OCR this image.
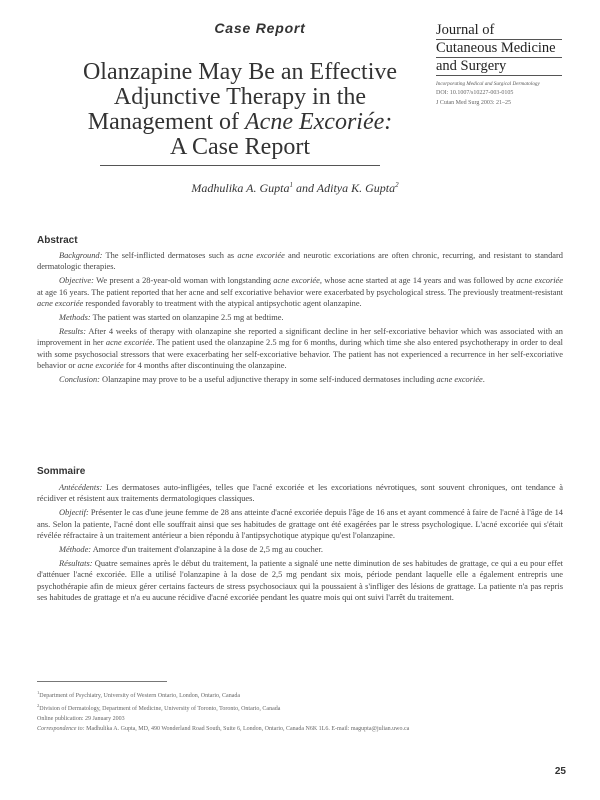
Case Report	Journal of
Cutaneous Medicine
and Surgery
Incorporating Medical and Surgical Dermatology
DOI: 10.1007/s10227-003-0105
J Cutan Med Surg 2003: 21–25
Olanzapine May Be an Effective
Adjunctive Therapy in the
Management of Acne Excoriée:
A Case Report
Madhulika A. Gupta$^1$ and Aditya K. Gupta$^2$
Abstract

Background: The self-inflicted dermatoses such as acne excoriée and neurotic excoriations are often chronic, recurring, and resistant to standard dermatologic therapies.

Objective: We present a 28-year-old woman with longstanding acne excoriée, whose acne started at age 14 years and was followed by acne excoriée at age 16 years. The patient reported that her acne and self excoriative behavior were exacerbated by psychological stress. The previously treatment-resistant acne excoriée responded favorably to treatment with the atypical antipsychotic agent olanzapine.

Methods: The patient was started on olanzapine 2.5 mg at bedtime.

Results: After 4 weeks of therapy with olanzapine she reported a significant decline in her self-excoriative behavior which was associated with an improvement in her acne excoriée. The patient used the olanzapine 2.5 mg for 6 months, during which time she also entered psychotherapy in order to deal with some psychosocial stressors that were exacerbating her self-excoriative behavior. The patient has not experienced a recurrence in her self-excoriative behavior or acne excoriée for 4 months after discontinuing the olanzapine.

Conclusion: Olanzapine may prove to be a useful adjunctive therapy in some self-induced dermatoses including acne excoriée.

Sommaire

Antécédents: Les dermatoses auto-infligées, telles que l'acné excoriée et les excoriations névrotiques, sont souvent chroniques, ont tendance à récidiver et résistent aux traitements dermatologiques classiques.

Objectif: Présenter le cas d'une jeune femme de 28 ans atteinte d'acné excoriée depuis l'âge de 16 ans et ayant commencé à faire de l'acné à l'âge de 14 ans. Selon la patiente, l'acné dont elle souffrait ainsi que ses habitudes de grattage ont été exagérées par le stress psychologique. L'acné excoriée qui s'était révélée réfractaire à un traitement antérieur a bien répondu à l'antipsychotique atypique qu'est l'olanzapine.

Méthode: Amorce d'un traitement d'olanzapine à la dose de 2,5 mg au coucher.

Résultats: Quatre semaines après le début du traitement, la patiente a signalé une nette diminution de ses habitudes de grattage, ce qui a eu pour effet d'atténuer l'acné excoriée. Elle a utilisé l'olanzapine à la dose de 2,5 mg pendant six mois, période pendant laquelle elle a également entrepris une psychothérapie afin de mieux gérer certains facteurs de stress psychosociaux qui la poussaient à s'infliger des lésions de grattage. La patiente n'a pas repris ses habitudes de grattage et n'a eu aucune récidive d'acné excoriée pendant les quatre mois qui ont suivi l'arrêt du traitement.

$^1$Department of Psychiatry, University of Western Ontario, London, Ontario, Canada

$^2$Division of Dermatology, Department of Medicine, University of Toronto, Toronto, Ontario, Canada

Online publication: 29 January 2003

Correspondence to: Madhulika A. Gupta, MD, 490 Wonderland Road South, Suite 6, London, Ontario, Canada N6K 1L6. E-mail: magupta@julian.uwo.ca

25
